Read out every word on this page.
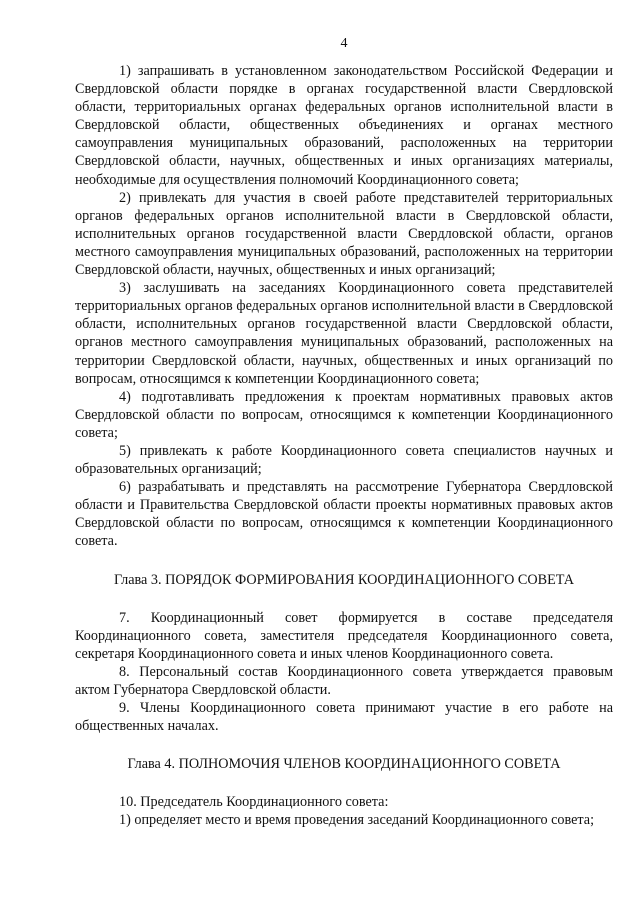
4

1) запрашивать в установленном законодательством Российской Федерации и Свердловской области порядке в органах государственной власти Свердловской области, территориальных органах федеральных органов исполнительной власти в Свердловской области, общественных объединениях и органах местного самоуправления муниципальных образований, расположенных на территории Свердловской области, научных, общественных и иных организациях материалы, необходимые для осуществления полномочий Координационного совета;

2) привлекать для участия в своей работе представителей территориальных органов федеральных органов исполнительной власти в Свердловской области, исполнительных органов государственной власти Свердловской области, органов местного самоуправления муниципальных образований, расположенных на территории Свердловской области, научных, общественных и иных организаций;

3) заслушивать на заседаниях Координационного совета представителей территориальных органов федеральных органов исполнительной власти в Свердловской области, исполнительных органов государственной власти Свердловской области, органов местного самоуправления муниципальных образований, расположенных на территории Свердловской области, научных, общественных и иных организаций по вопросам, относящимся к компетенции Координационного совета;

4) подготавливать предложения к проектам нормативных правовых актов Свердловской области по вопросам, относящимся к компетенции Координационного совета;

5) привлекать к работе Координационного совета специалистов научных и образовательных организаций;

6) разрабатывать и представлять на рассмотрение Губернатора Свердловской области и Правительства Свердловской области проекты нормативных правовых актов Свердловской области по вопросам, относящимся к компетенции Координационного совета.

Глава 3. ПОРЯДОК ФОРМИРОВАНИЯ КООРДИНАЦИОННОГО СОВЕТА

7. Координационный совет формируется в составе председателя Координационного совета, заместителя председателя Координационного совета, секретаря Координационного совета и иных членов Координационного совета.

8. Персональный состав Координационного совета утверждается правовым актом Губернатора Свердловской области.

9. Члены Координационного совета принимают участие в его работе на общественных началах.

Глава 4. ПОЛНОМОЧИЯ ЧЛЕНОВ КООРДИНАЦИОННОГО СОВЕТА

10. Председатель Координационного совета:

1) определяет место и время проведения заседаний Координационного совета;
